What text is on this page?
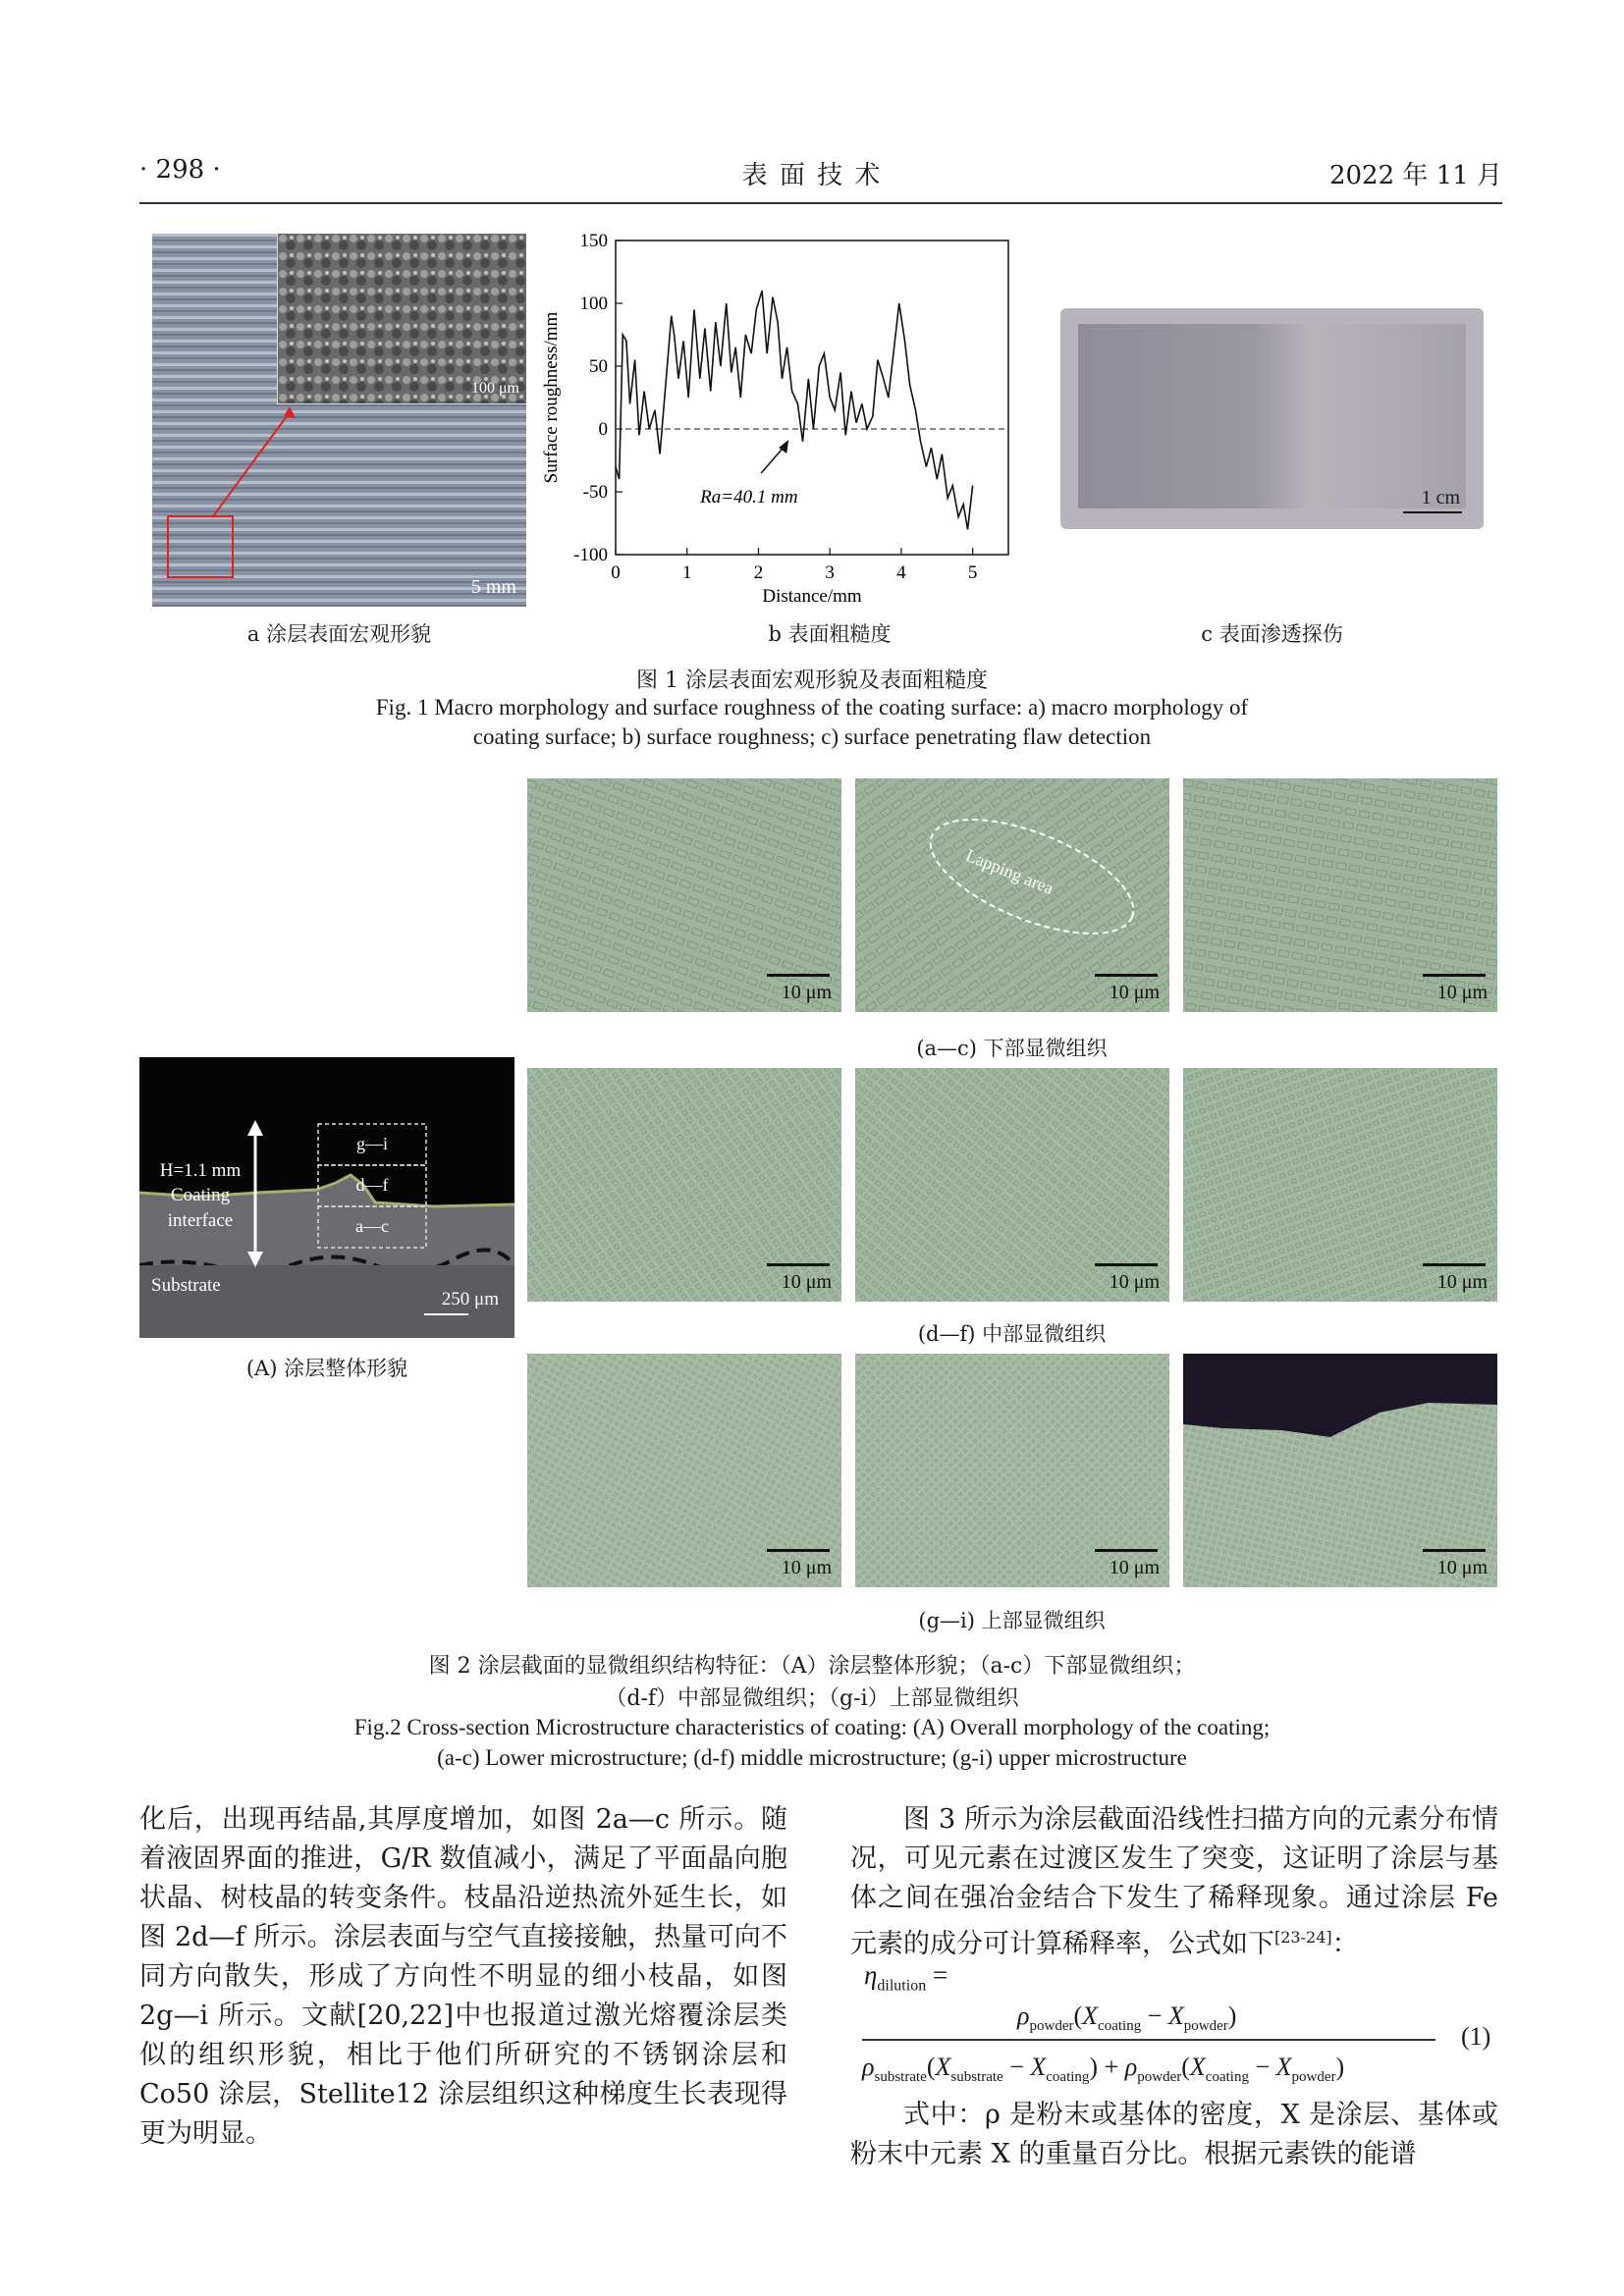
· 298 ·	表 面 技 术	2022 年 11 月
100 μm
5 mm
a 涂层表面宏观形貌
0	1	2	3	4	5
-100
-50
0
50
100
150
Distance/mm
Surface roughness/mm
Ra=40.1 mm
b 表面粗糙度
1 cm
c 表面渗透探伤
图 1 涂层表面宏观形貌及表面粗糙度
Fig. 1 Macro morphology and surface roughness of the coating surface: a) macro morphology of
coating surface; b) surface roughness; c) surface penetrating flaw detection
H=1.1 mm
Coating
interface
g—i
d—f
a—c
Substrate
250 μm
(A) 涂层整体形貌
10 μm
Lapping area
10 μm	10 μm
10 μm	10 μm	10 μm
10 μm	10 μm	10 μm
(a—c) 下部显微组织
(d—f) 中部显微组织
(g—i) 上部显微组织
图 2 涂层截面的显微组织结构特征：（A）涂层整体形貌；（a-c）下部显微组织；
（d-f）中部显微组织；（g-i）上部显微组织
Fig.2 Cross-section Microstructure characteristics of coating: (A) Overall morphology of the coating;
(a-c) Lower microstructure; (d-f) middle microstructure; (g-i) upper microstructure
化后，出现再结晶,其厚度增加，如图 2a—c 所示。随着液固界面的推进，G/R 数值减小，满足了平面晶向胞状晶、树枝晶的转变条件。枝晶沿逆热流外延生长，如图 2d—f 所示。涂层表面与空气直接接触，热量可向不同方向散失，形成了方向性不明显的细小枝晶，如图 2g—i 所示。文献[20,22]中也报道过激光熔覆涂层类似的组织形貌，相比于他们所研究的不锈钢涂层和 Co50 涂层，Stellite12 涂层组织这种梯度生长表现得更为明显。
图 3 所示为涂层截面沿线性扫描方向的元素分布情况，可见元素在过渡区发生了突变，这证明了涂层与基体之间在强冶金结合下发生了稀释现象。通过涂层 Fe 元素的成分可计算稀释率，公式如下[23-24]：
$\eta_{dilution}$ =
$\rho_{powder}(X_{coating} - X_{powder})$
$\rho_{substrate}(X_{substrate} - X_{coating}) + \rho_{powder}(X_{coating} - X_{powder})$
(1)
式中：ρ 是粉末或基体的密度，X 是涂层、基体或粉末中元素 X 的重量百分比。根据元素铁的能谱
